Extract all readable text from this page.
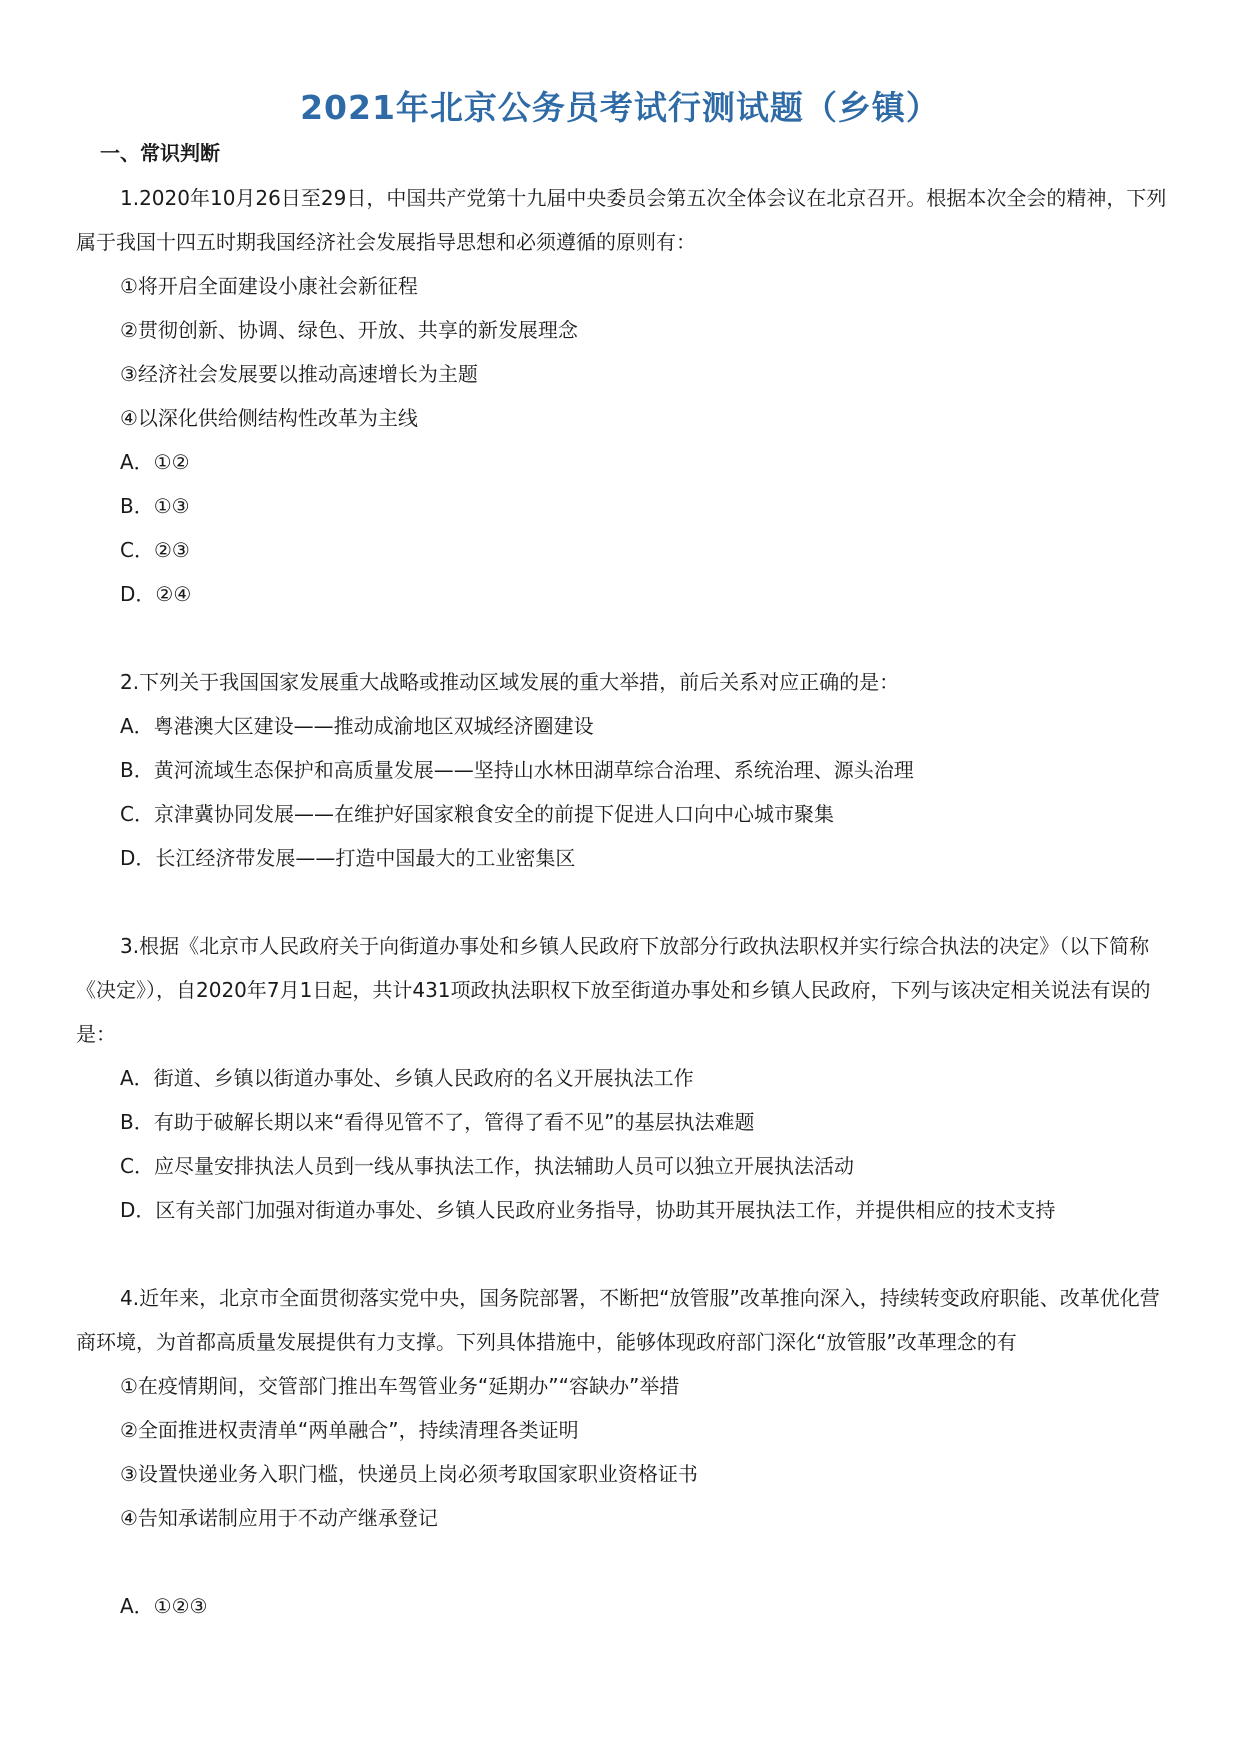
2021年北京公务员考试行测试题（乡镇）
一、常识判断

1.2020年10月26日至29日，中国共产党第十九届中央委员会第五次全体会议在北京召开。根据本次全会的精神，下列属于我国十四五时期我国经济社会发展指导思想和必须遵循的原则有：

①将开启全面建设小康社会新征程

②贯彻创新、协调、绿色、开放、共享的新发展理念

③经济社会发展要以推动高速增长为主题

④以深化供给侧结构性改革为主线

A．①②

B．①③

C．②③

D．②④

2.下列关于我国国家发展重大战略或推动区域发展的重大举措，前后关系对应正确的是：

A．粤港澳大区建设——推动成渝地区双城经济圈建设

B．黄河流域生态保护和高质量发展——坚持山水林田湖草综合治理、系统治理、源头治理

C．京津冀协同发展——在维护好国家粮食安全的前提下促进人口向中心城市聚集

D．长江经济带发展——打造中国最大的工业密集区

3.根据《北京市人民政府关于向街道办事处和乡镇人民政府下放部分行政执法职权并实行综合执法的决定》（以下简称《决定》），自2020年7月1日起，共计431项政执法职权下放至街道办事处和乡镇人民政府，下列与该决定相关说法有误的是：

A．街道、乡镇以街道办事处、乡镇人民政府的名义开展执法工作

B．有助于破解长期以来“看得见管不了，管得了看不见”的基层执法难题

C．应尽量安排执法人员到一线从事执法工作，执法辅助人员可以独立开展执法活动

D．区有关部门加强对街道办事处、乡镇人民政府业务指导，协助其开展执法工作，并提供相应的技术支持

4.近年来，北京市全面贯彻落实党中央，国务院部署，不断把“放管服”改革推向深入，持续转变政府职能、改革优化营商环境，为首都高质量发展提供有力支撑。下列具体措施中，能够体现政府部门深化“放管服”改革理念的有

①在疫情期间，交管部门推出车驾管业务“延期办”“容缺办”举措

②全面推进权责清单“两单融合”，持续清理各类证明

③设置快递业务入职门槛，快递员上岗必须考取国家职业资格证书

④告知承诺制应用于不动产继承登记

A．①②③
